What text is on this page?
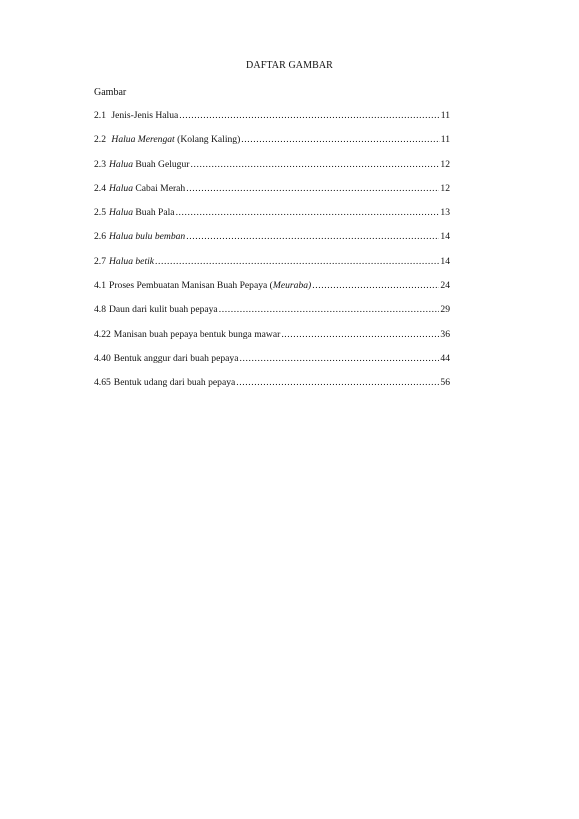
DAFTAR GAMBAR
Gambar
2.1 Jenis-Jenis Halua .....	11
2.2 Halua Merengat (Kolang Kaling) .....	11
2.3 Halua Buah Gelugur .....	12
2.4 Halua Cabai Merah .....	12
2.5 Halua Buah Pala .....	13
2.6 Halua bulu bemban .....	14
2.7 Halua betik .....	14
4.1 Proses Pembuatan Manisan Buah Pepaya (Meuraba) .....	24
4.8 Daun dari kulit buah pepaya .....	29
4.22 Manisan buah pepaya bentuk bunga mawar .....	36
4.40 Bentuk anggur dari buah pepaya .....	44
4.65 Bentuk udang dari buah pepaya .....	56
